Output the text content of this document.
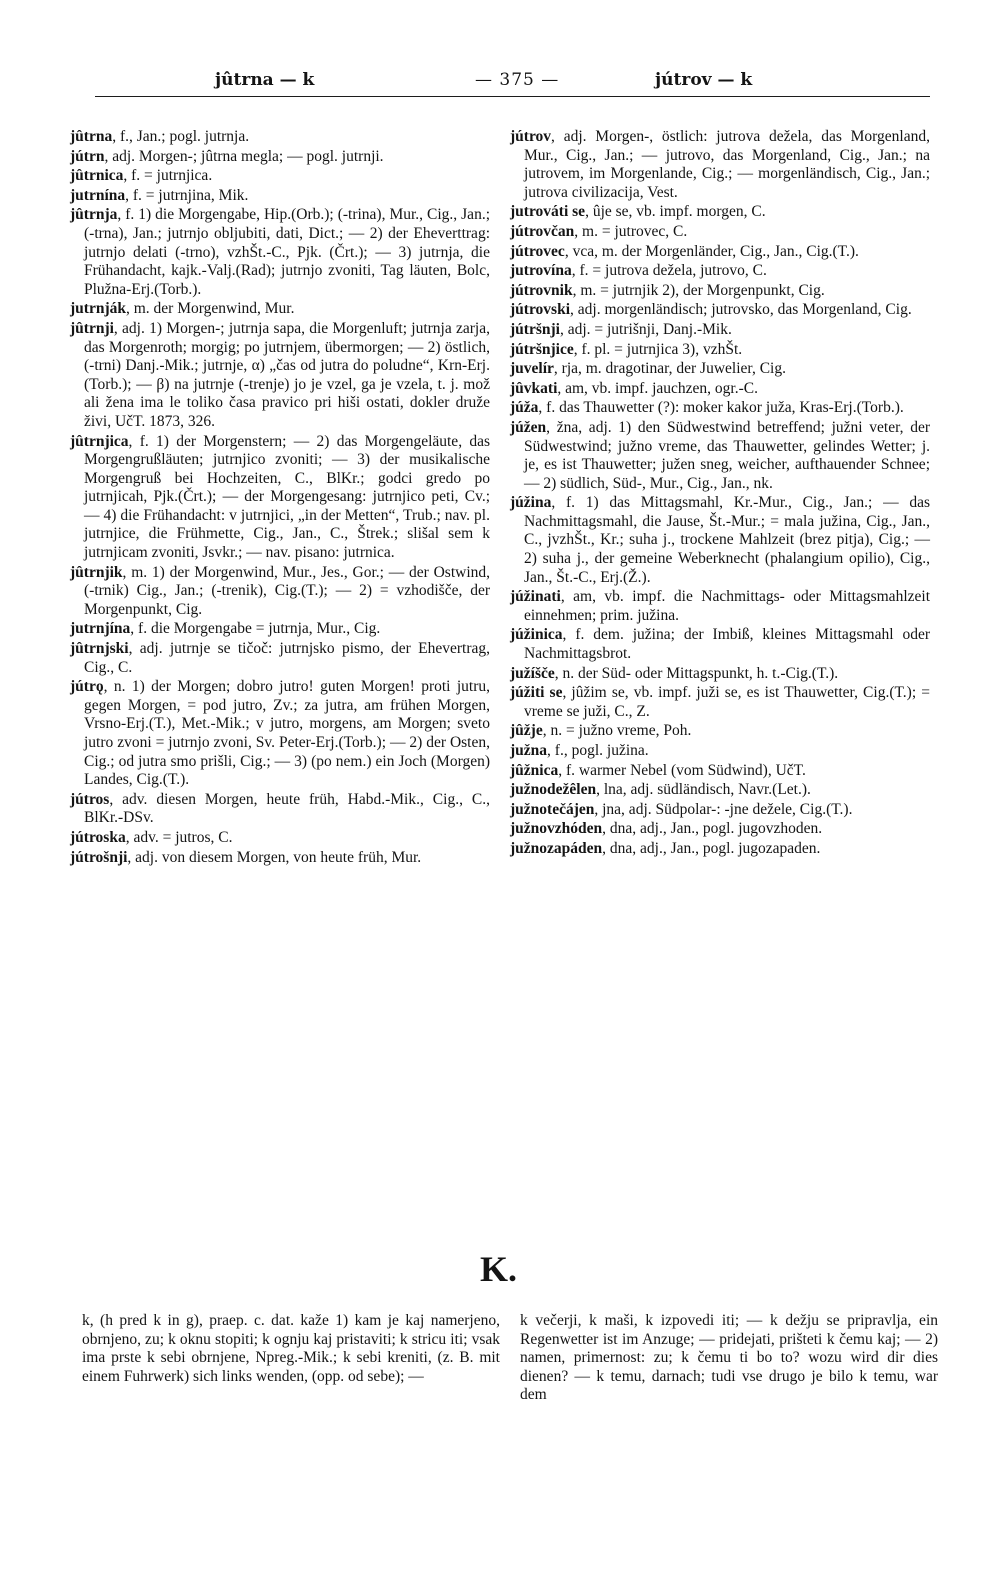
jûtrna — k	— 375 —	jútrov — k

jûtrna, f., Jan.; pogl. jutrnja.

jútrn, adj. Morgen-; jûtrna megla; — pogl. jutrnji.

jûtrnica, f. = jutrnjica.

jutrnína, f. = jutrnjina, Mik.

jûtrnja, f. 1) die Morgengabe, Hip.(Orb.); (-trina), Mur., Cig., Jan.; (-trna), Jan.; jutrnjo obljubiti, dati, Dict.; — 2) der Eheverttrag: jutrnjo delati (-trno), vzhŠt.-C., Pjk. (Črt.); — 3) jutrnja, die Frühandacht, kajk.-Valj.(Rad); jutrnjo zvoniti, Tag läuten, Bolc, Plužna-Erj.(Torb.).

jutrnják, m. der Morgenwind, Mur.

jûtrnji, adj. 1) Morgen-; jutrnja sapa, die Morgenluft; jutrnja zarja, das Morgenroth; morgig; po jutrnjem, übermorgen; — 2) östlich, (-trni) Danj.-Mik.; jutrnje, α) „čas od jutra do poludne“, Krn-Erj.(Torb.); — β) na jutrnje (-trenje) jo je vzel, ga je vzela, t. j. mož ali žena ima le toliko časa pravico pri hiši ostati, dokler druže živi, UčT. 1873, 326.

jûtrnjica, f. 1) der Morgenstern; — 2) das Morgengeläute, das Morgengrußläuten; jutrnjico zvoniti; — 3) der musikalische Morgengruß bei Hochzeiten, C., BlKr.; godci gredo po jutrnjicah, Pjk.(Črt.); — der Morgengesang: jutrnjico peti, Cv.; — 4) die Frühandacht: v jutrnjici, „in der Metten“, Trub.; nav. pl. jutrnjice, die Frühmette, Cig., Jan., C., Štrek.; slišal sem k jutrnjicam zvoniti, Jsvkr.; — nav. pisano: jutrnica.

jûtrnjik, m. 1) der Morgenwind, Mur., Jes., Gor.; — der Ostwind, (-trnik) Cig., Jan.; (-trenik), Cig.(T.); — 2) = vzhodišče, der Morgenpunkt, Cig.

jutrnjína, f. die Morgengabe = jutrnja, Mur., Cig.

jûtrnjski, adj. jutrnje se tičoč: jutrnjsko pismo, der Ehevertrag, Cig., C.

jútrǫ, n. 1) der Morgen; dobro jutro! guten Morgen! proti jutru, gegen Morgen, = pod jutro, Zv.; za jutra, am frühen Morgen, Vrsno-Erj.(T.), Met.-Mik.; v jutro, morgens, am Morgen; sveto jutro zvoni = jutrnjo zvoni, Sv. Peter-Erj.(Torb.); — 2) der Osten, Cig.; od jutra smo prišli, Cig.; — 3) (po nem.) ein Joch (Morgen) Landes, Cig.(T.).

jútros, adv. diesen Morgen, heute früh, Habd.-Mik., Cig., C., BlKr.-DSv.

jútroska, adv. = jutros, C.

jútrošnji, adj. von diesem Morgen, von heute früh, Mur.

jútrov, adj. Morgen-, östlich: jutrova dežela, das Morgenland, Mur., Cig., Jan.; — jutrovo, das Morgenland, Cig., Jan.; na jutrovem, im Morgenlande, Cig.; — morgenländisch, Cig., Jan.; jutrova civilizacija, Vest.

jutrováti se, ûje se, vb. impf. morgen, C.

jútrovčan, m. = jutrovec, C.

jútrovec, vca, m. der Morgenländer, Cig., Jan., Cig.(T.).

jutrovína, f. = jutrova dežela, jutrovo, C.

jútrovnik, m. = jutrnjik 2), der Morgenpunkt, Cig.

jútrovski, adj. morgenländisch; jutrovsko, das Morgenland, Cig.

jútršnji, adj. = jutrišnji, Danj.-Mik.

jútršnjice, f. pl. = jutrnjica 3), vzhŠt.

juvelír, rja, m. dragotinar, der Juwelier, Cig.

jûvkati, am, vb. impf. jauchzen, ogr.-C.

júža, f. das Thauwetter (?): moker kakor juža, Kras-Erj.(Torb.).

júžen, žna, adj. 1) den Südwestwind betreffend; južni veter, der Südwestwind; južno vreme, das Thauwetter, gelindes Wetter; j. je, es ist Thauwetter; južen sneg, weicher, aufthauender Schnee; — 2) südlich, Süd-, Mur., Cig., Jan., nk.

júžina, f. 1) das Mittagsmahl, Kr.-Mur., Cig., Jan.; — das Nachmittagsmahl, die Jause, Št.-Mur.; = mala južina, Cig., Jan., C., jvzhŠt., Kr.; suha j., trockene Mahlzeit (brez pitja), Cig.; — 2) suha j., der gemeine Weberknecht (phalangium opilio), Cig., Jan., Št.-C., Erj.(Ž.).

júžinati, am, vb. impf. die Nachmittags- oder Mittagsmahlzeit einnehmen; prim. južina.

júžinica, f. dem. južina; der Imbiß, kleines Mittagsmahl oder Nachmittagsbrot.

južíšče, n. der Süd- oder Mittagspunkt, h. t.-Cig.(T.).

júžiti se, jûžim se, vb. impf. juži se, es ist Thauwetter, Cig.(T.); = vreme se juži, C., Z.

jûžje, n. = južno vreme, Poh.

južna, f., pogl. južina.

jûžnica, f. warmer Nebel (vom Südwind), UčT.

južnodežêlen, lna, adj. südländisch, Navr.(Let.).

južnotečájen, jna, adj. Südpolar-: -jne deželе, Cig.(T.).

južnovzhóden, dna, adj., Jan., pogl. jugovzhoden.

južnozapáden, dna, adj., Jan., pogl. jugozapaden.

K.

k, (h pred k in g), praep. c. dat. kaže 1) kam je kaj namerjeno, obrnjeno, zu; k oknu stopiti; k ognju kaj pristaviti; k stricu iti; vsak ima prste k sebi obrnjene, Npreg.-Mik.; k sebi kreniti, (z. B. mit einem Fuhrwerk) sich links wenden, (opp. od sebe); —

k večerji, k maši, k izpovedi iti; — k dežju se pripravlja, ein Regenwetter ist im Anzuge; — pridejati, prišteti k čemu kaj; — 2) namen, primernost: zu; k čemu ti bo to? wozu wird dir dies dienen? — k temu, darnach; tudi vse drugo je bilo k temu, war dem
